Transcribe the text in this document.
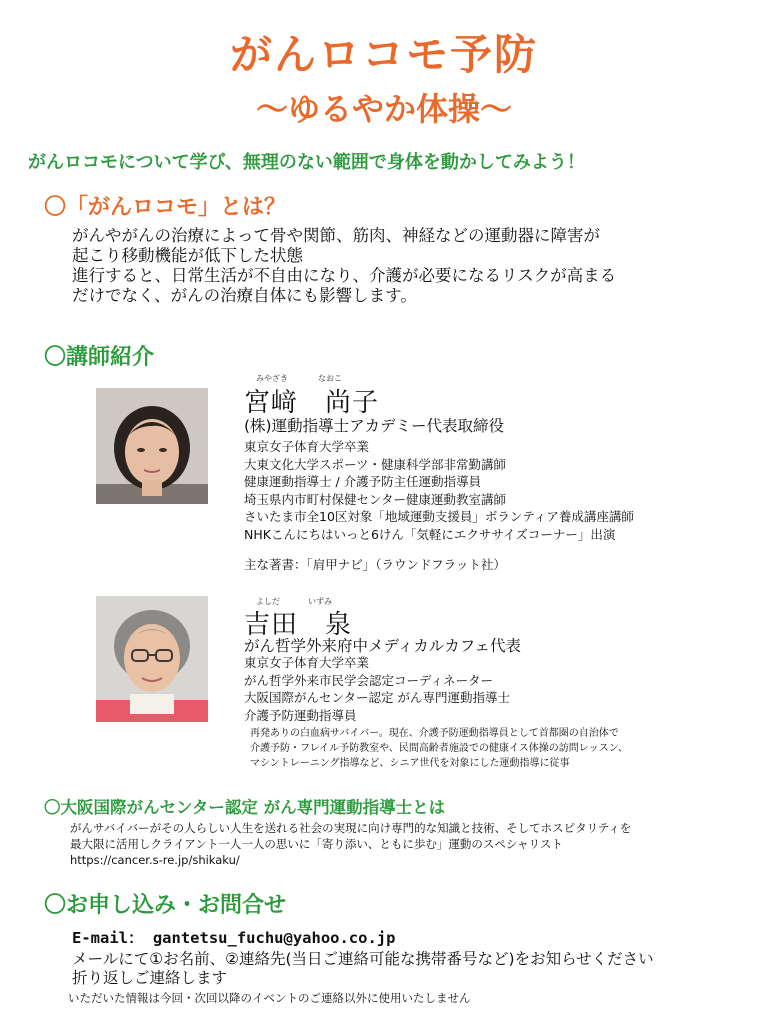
がんロコモ予防
～ゆるやか体操～
がんロコモについて学び、無理のない範囲で身体を動かしてみよう！
〇「がんロコモ」とは？
がんやがんの治療によって骨や関節、筋肉、神経などの運動器に障害が
起こり移動機能が低下した状態
進行すると、日常生活が不自由になり、介護が必要になるリスクが高まる
だけでなく、がんの治療自体にも影響します。
〇講師紹介
みやざき	なおこ
宮﨑　尚子
(株)運動指導士アカデミー代表取締役
東京女子体育大学卒業
大東文化大学スポーツ・健康科学部非常勤講師
健康運動指導士 / 介護予防主任運動指導員
埼玉県内市町村保健センター健康運動教室講師
さいたま市全10区対象「地域運動支援員」ボランティア養成講座講師
NHKこんにちはいっと6けん「気軽にエクササイズコーナー」出演
主な著書：「肩甲ナビ」（ラウンドフラット社）
よしだ	いずみ
吉田　泉
がん哲学外来府中メディカルカフェ代表
東京女子体育大学卒業
がん哲学外来市民学会認定コーディネーター
大阪国際がんセンター認定 がん専門運動指導士
介護予防運動指導員
再発ありの白血病サバイバー。現在、介護予防運動指導員として首都圏の自治体で
介護予防・フレイル予防教室や、民間高齢者施設での健康イス体操の訪問レッスン、
マシントレーニング指導など、シニア世代を対象にした運動指導に従事
〇大阪国際がんセンター認定 がん専門運動指導士とは
がんサバイバーがその人らしい人生を送れる社会の実現に向け専門的な知識と技術、そしてホスピタリティを
最大限に活用しクライアント一人一人の思いに「寄り添い、ともに歩む」運動のスペシャリスト
https://cancer.s-re.jp/shikaku/
〇お申し込み・お問合せ
E-mail： gantetsu_fuchu@yahoo.co.jp
メールにて①お名前、②連絡先(当日ご連絡可能な携帯番号など)をお知らせください
折り返しご連絡します
いただいた情報は今回・次回以降のイベントのご連絡以外に使用いたしません
